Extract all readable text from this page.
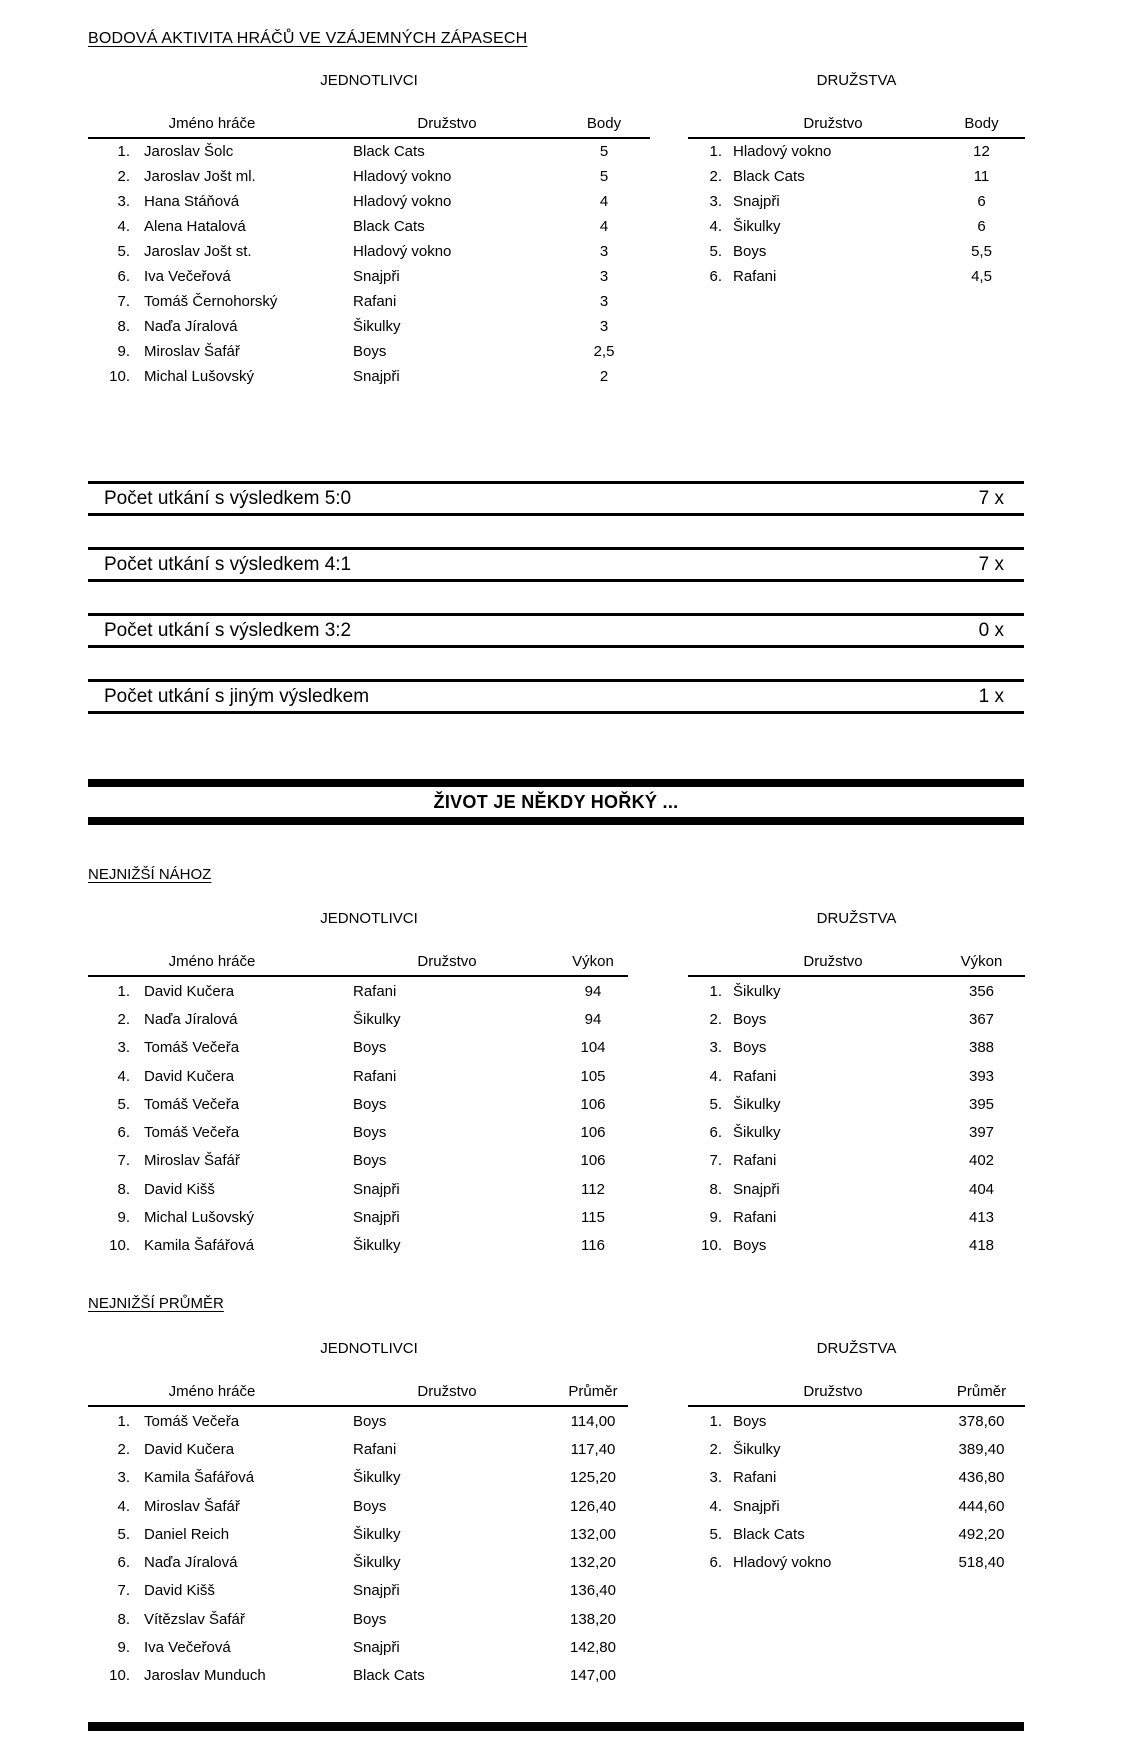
BODOVÁ AKTIVITA HRÁČŮ VE VZÁJEMNÝCH ZÁPASECH
JEDNOTLIVCI	DRUŽSTVA
Jméno hráče	Družstvo	Body
1. Jaroslav Šolc	Black Cats	5
2. Jaroslav Jošt ml.	Hladový vokno	5
3. Hana Stáňová	Hladový vokno	4
4. Alena Hatalová	Black Cats	4
5. Jaroslav Jošt st.	Hladový vokno	3
6. Iva Večeřová	Snajpři	3
7. Tomáš Černohorský	Rafani	3
8. Naďa Jíralová	Šikulky	3
9. Miroslav Šafář	Boys	2,5
10. Michal Lušovský	Snajpři	2
Družstvo	Body
1. Hladový vokno	12
2. Black Cats	11
3. Snajpři	6
4. Šikulky	6
5. Boys	5,5
6. Rafani	4,5
Počet utkání s výsledkem 5:0	7 x
Počet utkání s výsledkem 4:1	7 x
Počet utkání s výsledkem 3:2	0 x
Počet utkání s jiným výsledkem	1 x
ŽIVOT JE NĚKDY HOŘKÝ ...
NEJNIŽŠÍ NÁHOZ
JEDNOTLIVCI	DRUŽSTVA
Jméno hráče	Družstvo	Výkon
1. David Kučera	Rafani	94
2. Naďa Jíralová	Šikulky	94
3. Tomáš Večeřa	Boys	104
4. David Kučera	Rafani	105
5. Tomáš Večeřa	Boys	106
6. Tomáš Večeřa	Boys	106
7. Miroslav Šafář	Boys	106
8. David Kišš	Snajpři	112
9. Michal Lušovský	Snajpři	115
10. Kamila Šafářová	Šikulky	116
Družstvo	Výkon
1. Šikulky	356
2. Boys	367
3. Boys	388
4. Rafani	393
5. Šikulky	395
6. Šikulky	397
7. Rafani	402
8. Snajpři	404
9. Rafani	413
10. Boys	418
NEJNIŽŠÍ PRŮMĚR
JEDNOTLIVCI	DRUŽSTVA
Jméno hráče	Družstvo	Průměr
1. Tomáš Večeřa	Boys	114,00
2. David Kučera	Rafani	117,40
3. Kamila Šafářová	Šikulky	125,20
4. Miroslav Šafář	Boys	126,40
5. Daniel Reich	Šikulky	132,00
6. Naďa Jíralová	Šikulky	132,20
7. David Kišš	Snajpři	136,40
8. Vítězslav Šafář	Boys	138,20
9. Iva Večeřová	Snajpři	142,80
10. Jaroslav Munduch	Black Cats	147,00
Družstvo	Průměr
1. Boys	378,60
2. Šikulky	389,40
3. Rafani	436,80
4. Snajpři	444,60
5. Black Cats	492,20
6. Hladový vokno	518,40
